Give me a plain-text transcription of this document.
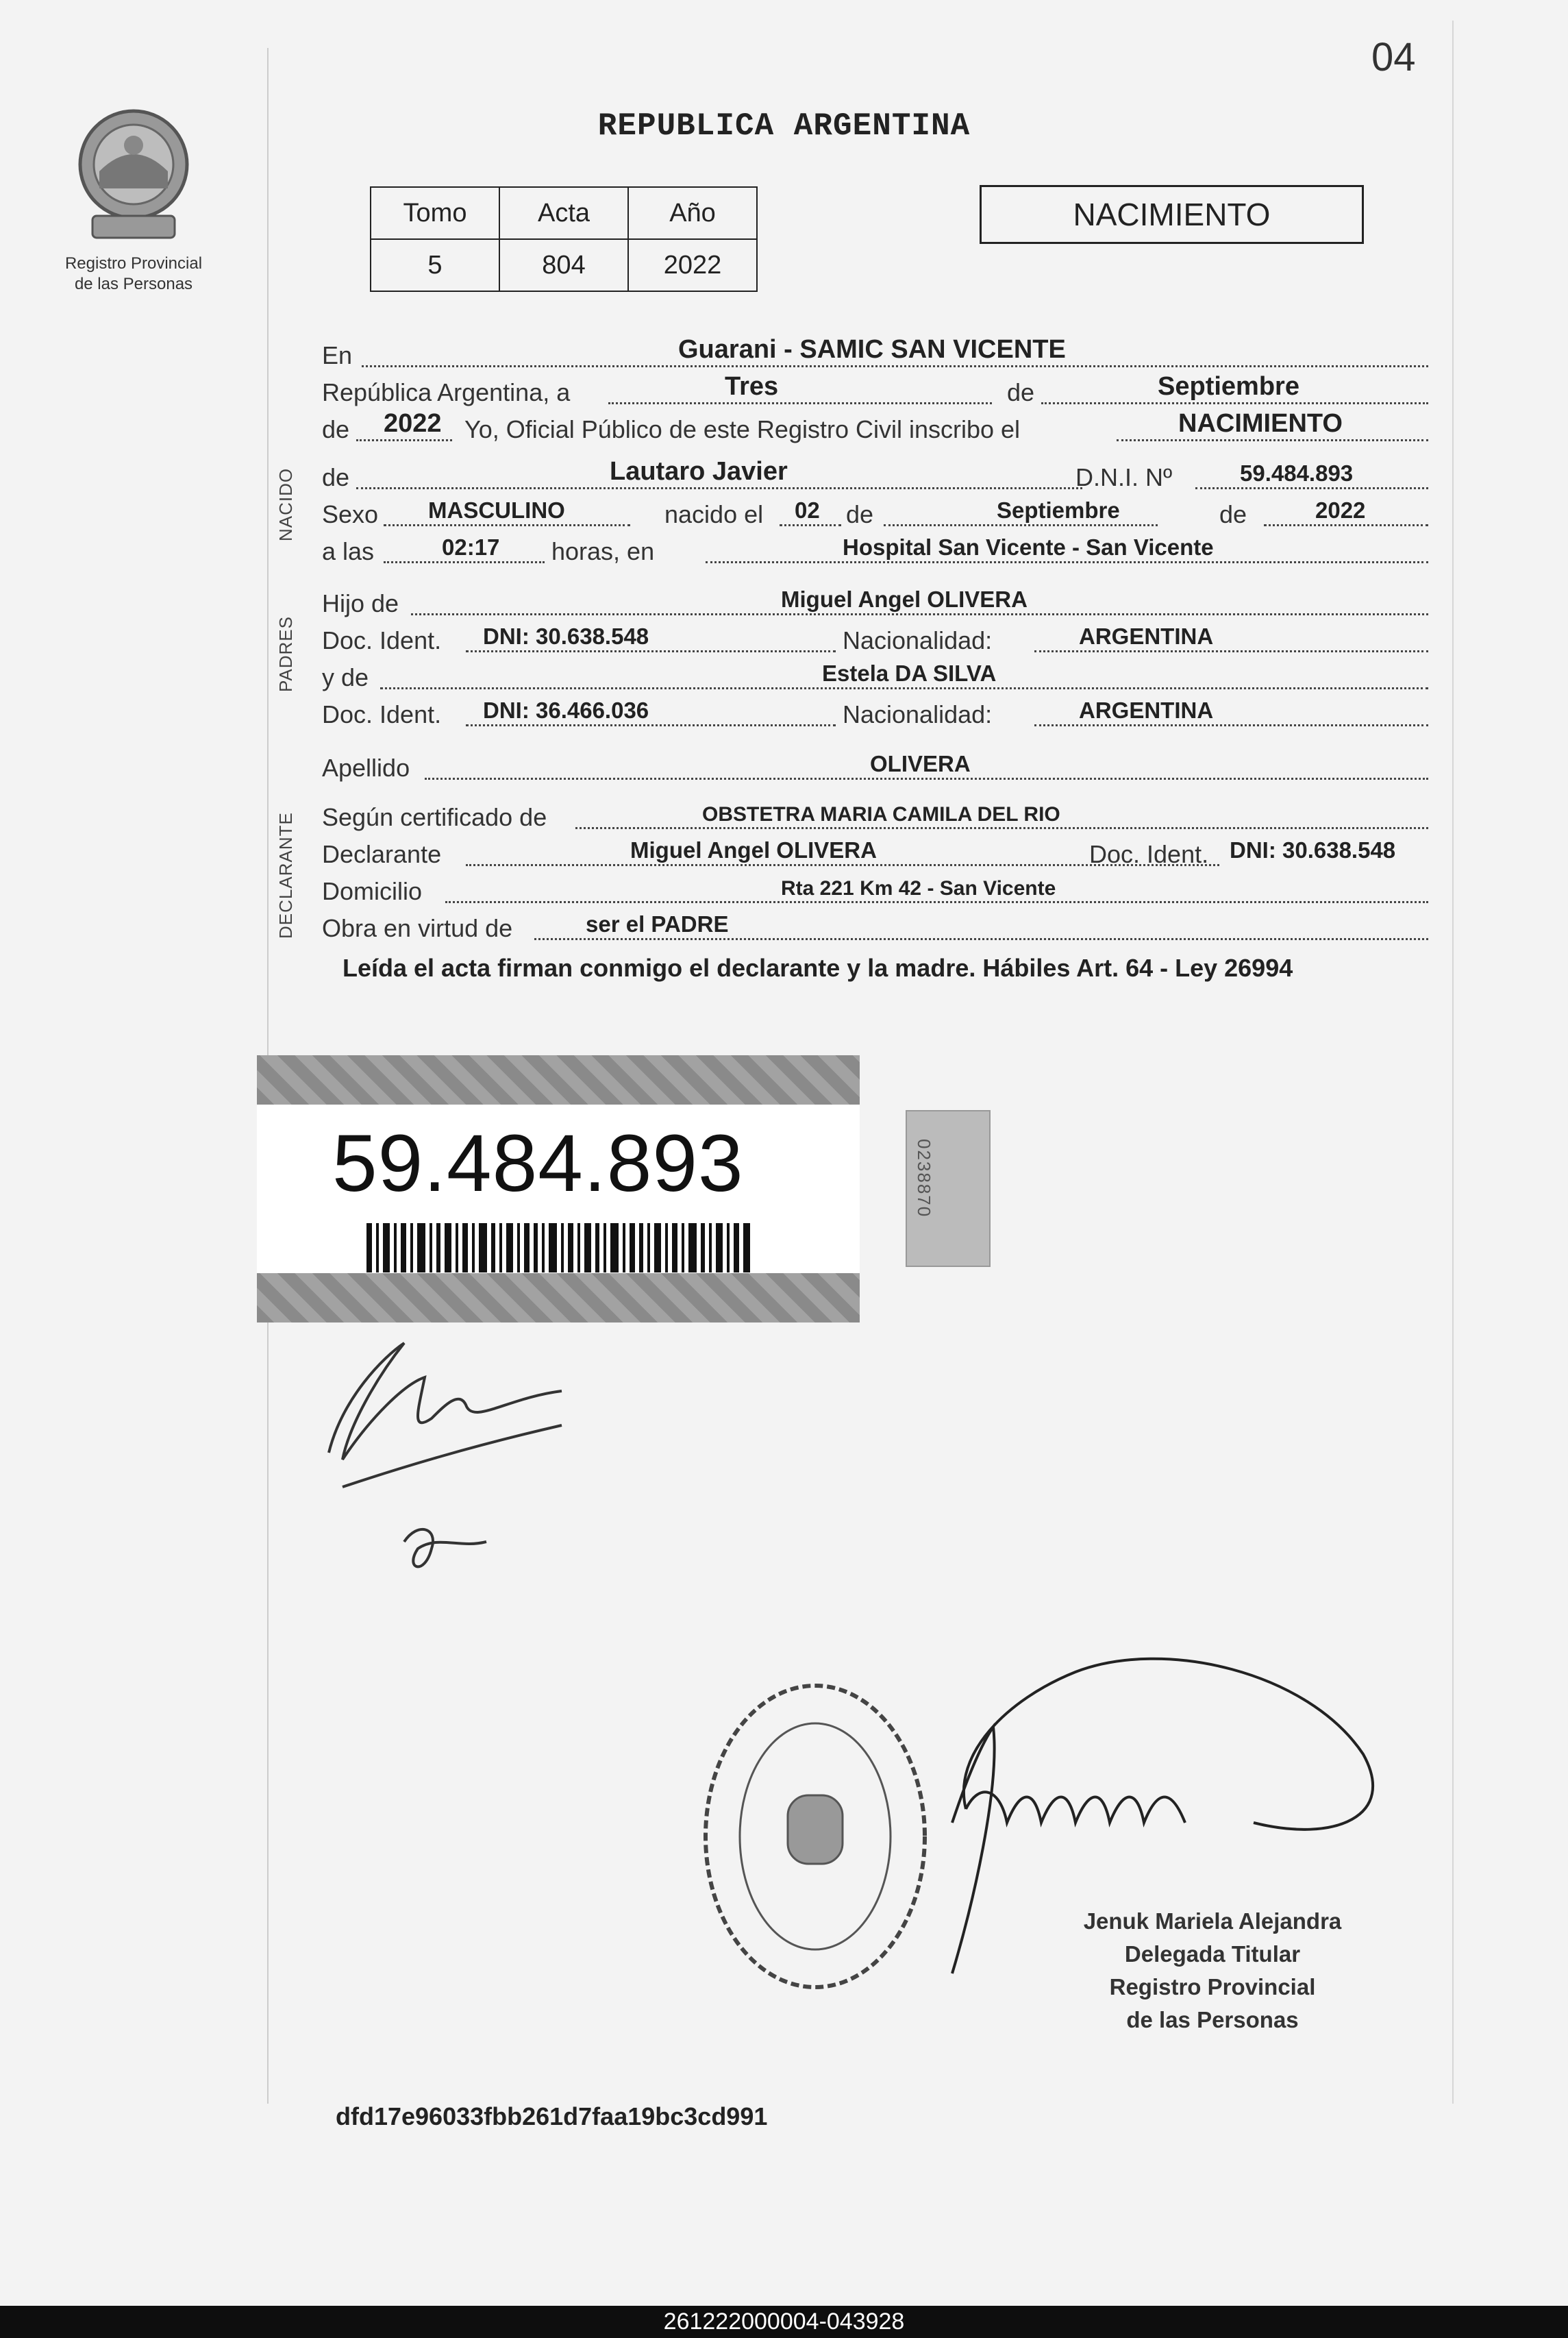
04
Registro Provincial
de las Personas
REPUBLICA ARGENTINA
Tomo	Acta	Año
5	804	2022
NACIMIENTO
NACIDO
PADRES
DECLARANTE
En	Guarani - SAMIC SAN VICENTE
República Argentina, a	Tres	de	Septiembre
de 2022 Yo, Oficial Público de este Registro Civil inscribo el	NACIMIENTO
de	Lautaro Javier	D.N.I. Nº	59.484.893
Sexo MASCULINO	nacido el 02 de	Septiembre	de	2022
a las	02:17 horas, en	Hospital San Vicente - San Vicente
Hijo de	Miguel Angel OLIVERA
Doc. Ident. DNI: 30.638.548	Nacionalidad:	ARGENTINA
y de	Estela DA SILVA
Doc. Ident. DNI: 36.466.036	Nacionalidad:	ARGENTINA
Apellido	OLIVERA
Según certificado de	OBSTETRA MARIA CAMILA DEL RIO
Declarante	Miguel Angel OLIVERA	Doc. Ident. DNI: 30.638.548
Domicilio	Rta 221 Km 42 - San Vicente
Obra en virtud de	ser el PADRE
Leída el acta firman conmigo el declarante y la madre. Hábiles Art. 64 - Ley 26994
59.484.893	0238870
Jenuk Mariela Alejandra
Delegada Titular
Registro Provincial
de las Personas
dfd17e96033fbb261d7faa19bc3cd991
261222000004-043928
